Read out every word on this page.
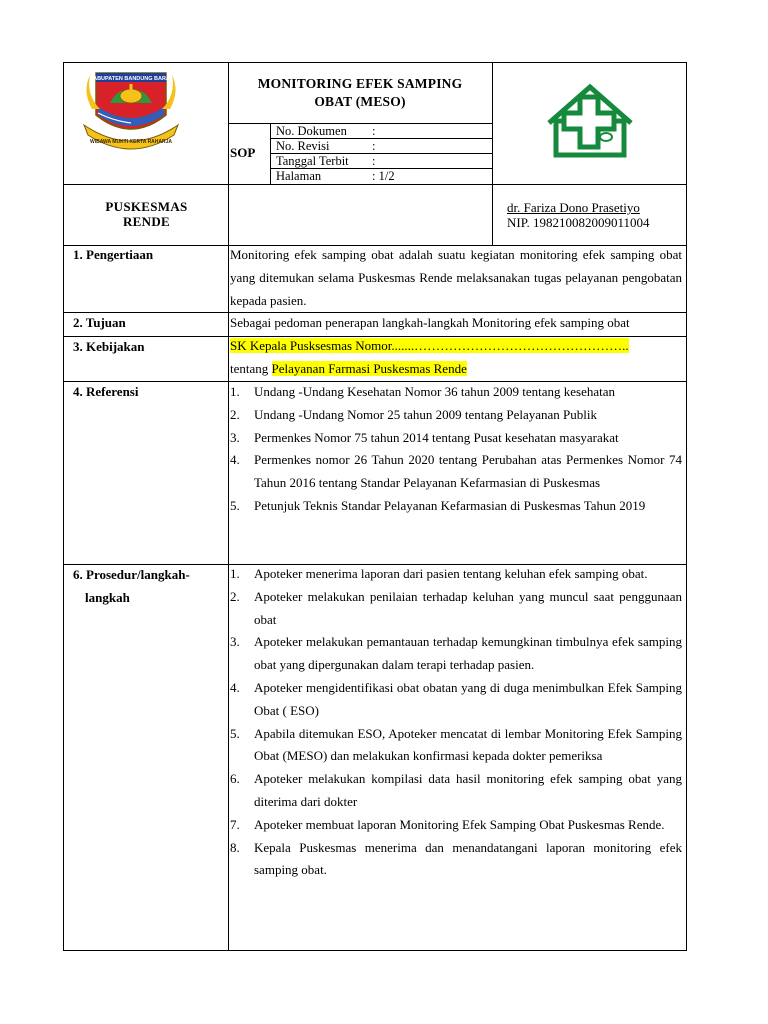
KABUPATEN BANDUNG BARAT
WIBAWA MUKTI KERTA RAHARJA
MONITORING EFEK SAMPING
OBAT (MESO)
SOP
No. Dokumen :
No. Revisi	:
Tanggal Terbit :
Halaman	: 1/2
PUSKESMAS
RENDE
dr. Fariza Dono Prasetiyo
NIP. 198210082009011004
1. Pengertiaan	Monitoring efek samping obat adalah suatu kegiatan monitoring efek samping obat yang ditemukan selama Puskesmas Rende melaksanakan tugas pelayanan pengobatan kepada pasien.
2. Tujuan	Sebagai pedoman penerapan langkah-langkah Monitoring efek samping obat
3. Kebijakan	SK Kepala Pusksesmas Nomor.......…………………………………………..
tentang Pelayanan Farmasi Puskesmas Rende
4. Referensi	1. Undang -Undang Kesehatan Nomor 36 tahun 2009 tentang kesehatan
2. Undang -Undang Nomor 25 tahun 2009 tentang Pelayanan Publik
3. Permenkes Nomor 75 tahun 2014 tentang Pusat kesehatan masyarakat
4. Permenkes nomor 26 Tahun 2020 tentang Perubahan atas Permenkes Nomor 74 Tahun 2016 tentang Standar Pelayanan Kefarmasian di Puskesmas
5. Petunjuk Teknis Standar Pelayanan Kefarmasian di Puskesmas Tahun 2019
6. Prosedur/langkah-
langkah
1. Apoteker menerima laporan dari pasien tentang keluhan efek samping obat.
2. Apoteker melakukan penilaian terhadap keluhan yang muncul saat penggunaan obat
3. Apoteker melakukan pemantauan terhadap kemungkinan timbulnya efek samping obat yang dipergunakan dalam terapi terhadap pasien.
4. Apoteker mengidentifikasi obat obatan yang di duga menimbulkan Efek Samping Obat ( ESO)
5. Apabila ditemukan ESO, Apoteker mencatat di lembar Monitoring Efek Samping Obat (MESO) dan melakukan konfirmasi kepada dokter pemeriksa
6. Apoteker melakukan kompilasi data hasil monitoring efek samping obat yang diterima dari dokter
7. Apoteker membuat laporan Monitoring Efek Samping Obat Puskesmas Rende.
8. Kepala Puskesmas menerima dan menandatangani laporan monitoring efek samping obat.
